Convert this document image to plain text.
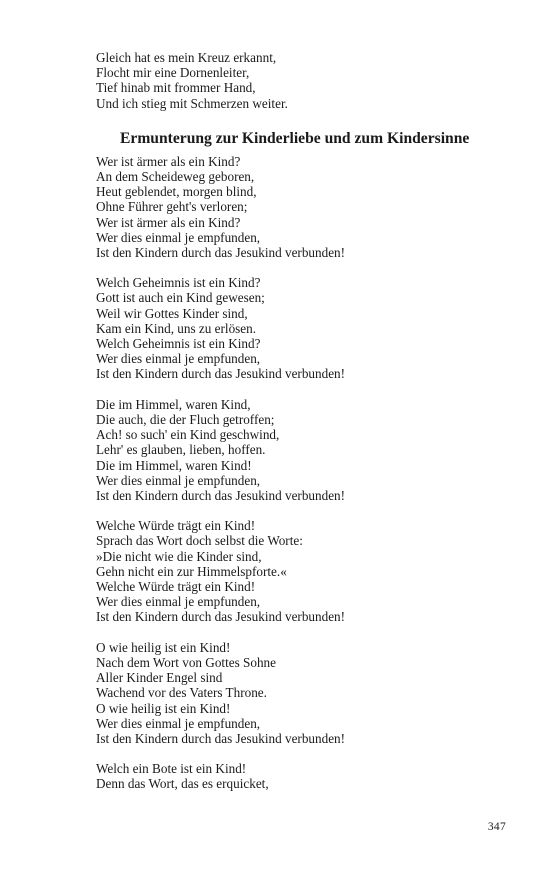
Gleich hat es mein Kreuz erkannt,
Flocht mir eine Dornenleiter,
Tief hinab mit frommer Hand,
Und ich stieg mit Schmerzen weiter.
Ermunterung zur Kinderliebe und zum Kindersinne
Wer ist ärmer als ein Kind?
An dem Scheideweg geboren,
Heut geblendet, morgen blind,
Ohne Führer geht's verloren;
Wer ist ärmer als ein Kind?
Wer dies einmal je empfunden,
Ist den Kindern durch das Jesukind verbunden!
Welch Geheimnis ist ein Kind?
Gott ist auch ein Kind gewesen;
Weil wir Gottes Kinder sind,
Kam ein Kind, uns zu erlösen.
Welch Geheimnis ist ein Kind?
Wer dies einmal je empfunden,
Ist den Kindern durch das Jesukind verbunden!
Die im Himmel, waren Kind,
Die auch, die der Fluch getroffen;
Ach! so such' ein Kind geschwind,
Lehr' es glauben, lieben, hoffen.
Die im Himmel, waren Kind!
Wer dies einmal je empfunden,
Ist den Kindern durch das Jesukind verbunden!
Welche Würde trägt ein Kind!
Sprach das Wort doch selbst die Worte:
»Die nicht wie die Kinder sind,
Gehn nicht ein zur Himmelspforte.«
Welche Würde trägt ein Kind!
Wer dies einmal je empfunden,
Ist den Kindern durch das Jesukind verbunden!
O wie heilig ist ein Kind!
Nach dem Wort von Gottes Sohne
Aller Kinder Engel sind
Wachend vor des Vaters Throne.
O wie heilig ist ein Kind!
Wer dies einmal je empfunden,
Ist den Kindern durch das Jesukind verbunden!
Welch ein Bote ist ein Kind!
Denn das Wort, das es erquicket,
347
